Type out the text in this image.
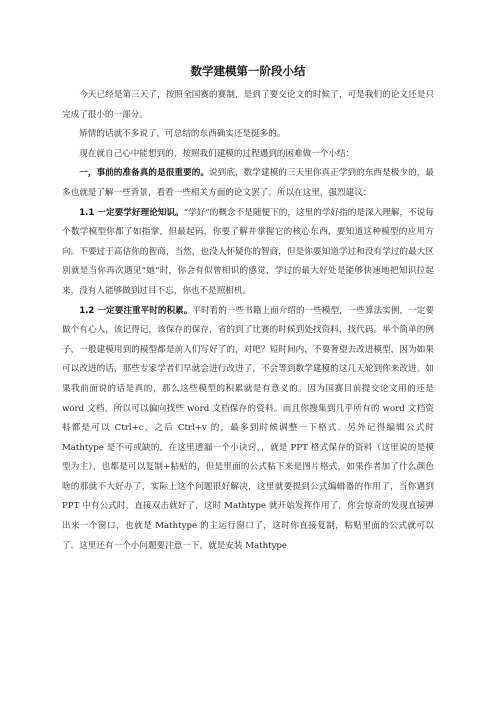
数学建模第一阶段小结

今天已经是第三天了，按照全国赛的赛制，是到了要交论文的时候了，可是我们的论文还是只完成了很小的一部分。

矫情的话就不多说了，可总结的东西确实还是挺多的。

现在就自己心中能想到的，按照我们建模的过程遇到的困难做一个小结：

一，事前的准备真的是很重要的。说到底，数学建模的三天里你真正学到的东西是极少的，最多也就是了解一些背景，看看一些相关方面的论文罢了。所以在这里，强烈建议：

1.1 一定要学好理论知识。“学好”的概念不是随便下的，这里的学好指的是深入理解，不说每个数学模型你都了如指掌，但最起码，你要了解并掌握它的核心东西，要知道这种模型的应用方向。不要过于高估你的智商，当然，也没人怀疑你的智商，但是你要知道学过和没有学过的最大区别就是当你再次遇见“她“时，你会有似曾相识的感觉，学过的最大好处是能够快速地把知识拉起来，没有人能够做到过目不忘，你也不是照相机。

1.2 一定要注重平时的积累。平时看的一些书籍上面介绍的一些模型，一些算法实例，一定要做个有心人，该记得记，该保存的保存，省的到了比赛的时候到处找资料，找代码。举个简单的例子，一般建模用到的模型都是前人们写好了的，对吧？短时间内，不要奢望去改进模型，因为如果可以改进的话，那些专家学者们早就会进行改进了，不会等到数学建模的这几天轮到你来改进。如果我前面说的话是真的，那么这些模型的积累就是有意义的。因为国赛目前提交论文用的还是 word 文档，所以可以偏向找些 word 文档保存的资料。而且你搜集到几乎所有的 word 文档资料都是可以 Ctrl+c，之后 Ctrl+v 的，最多到时候调整一下格式。另外记得编辑公式时 Mathtype 是不可或缺的，在这里透漏一个小诀窍，，就是 PPT 格式保存的资料（这里说的是模型为主），也都是可以复制+粘贴的，但是里面的公式粘下来是图片格式，如果作者加了什么颜色啥的那就不大好办了，实际上这个问题很好解决，这里就要提到公式编辑器的作用了，当你遇到 PPT 中有公式时，直接双击就好了，这时 Mathtype 就开始发挥作用了，你会惊奇的发现直接弹出来一个窗口，也就是 Mathtype 的主运行窗口了，这时你直接复制，粘贴里面的公式就可以了。这里还有一个小问题要注意一下，就是安装 Mathtype
